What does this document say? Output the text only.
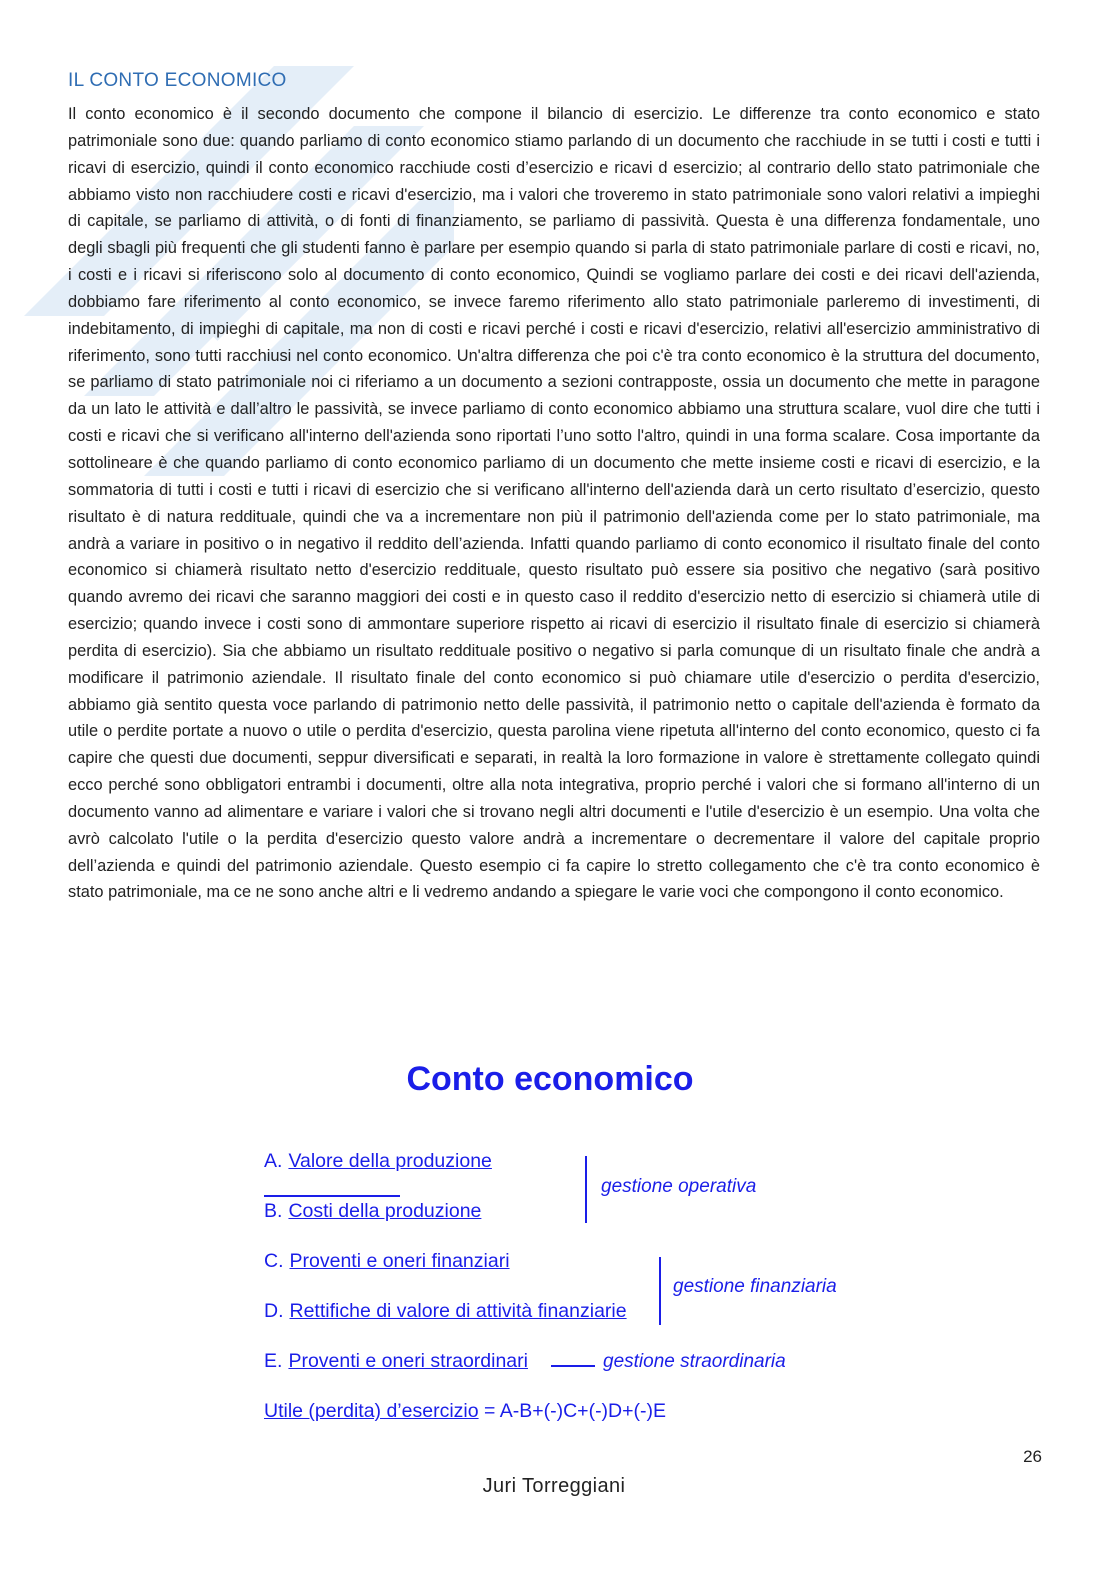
IL CONTO ECONOMICO
Il conto economico è il secondo documento che compone il bilancio di esercizio. Le differenze tra conto economico e stato patrimoniale sono due: quando parliamo di conto economico stiamo parlando di un documento che racchiude in se tutti i costi e tutti i ricavi di esercizio, quindi il conto economico racchiude costi d’esercizio e ricavi d esercizio; al contrario dello stato patrimoniale che abbiamo visto non racchiudere costi e ricavi d'esercizio, ma i valori che troveremo in stato patrimoniale sono valori relativi a impieghi di capitale, se parliamo di attività, o di fonti di finanziamento, se parliamo di passività. Questa è una differenza fondamentale, uno degli sbagli più frequenti che gli studenti fanno è parlare per esempio quando si parla di stato patrimoniale parlare di costi e ricavi, no, i costi e i ricavi si riferiscono solo al documento di conto economico, Quindi se vogliamo parlare dei costi e dei ricavi dell'azienda, dobbiamo fare riferimento al conto economico, se invece faremo riferimento allo stato patrimoniale parleremo di investimenti, di indebitamento, di impieghi di capitale, ma non di costi e ricavi perché i costi e ricavi d'esercizio, relativi all'esercizio amministrativo di riferimento, sono tutti racchiusi nel conto economico. Un'altra differenza che poi c'è tra conto economico è la struttura del documento, se parliamo di stato patrimoniale noi ci riferiamo a un documento a sezioni contrapposte, ossia un documento che mette in paragone da un lato le attività e dall’altro le passività, se invece parliamo di conto economico abbiamo una struttura scalare, vuol dire che tutti i costi e ricavi che si verificano all'interno dell'azienda sono riportati l’uno sotto l'altro, quindi in una forma scalare. Cosa importante da sottolineare è che quando parliamo di conto economico parliamo di un documento che mette insieme costi e ricavi di esercizio, e la sommatoria di tutti i costi e tutti i ricavi di esercizio che si verificano all'interno dell'azienda darà un certo risultato d’esercizio, questo risultato è di natura reddituale, quindi che va a incrementare non più il patrimonio dell'azienda come per lo stato patrimoniale, ma andrà a variare in positivo o in negativo il reddito dell’azienda. Infatti quando parliamo di conto economico il risultato finale del conto economico si chiamerà risultato netto d'esercizio reddituale, questo risultato può essere sia positivo che negativo (sarà positivo quando avremo dei ricavi che saranno maggiori dei costi e in questo caso il reddito d'esercizio netto di esercizio si chiamerà utile di esercizio; quando invece i costi sono di ammontare superiore rispetto ai ricavi di esercizio il risultato finale di esercizio si chiamerà perdita di esercizio). Sia che abbiamo un risultato reddituale positivo o negativo si parla comunque di un risultato finale che andrà a modificare il patrimonio aziendale. Il risultato finale del conto economico si può chiamare utile d'esercizio o perdita d'esercizio, abbiamo già sentito questa voce parlando di patrimonio netto delle passività, il patrimonio netto o capitale dell'azienda è formato da utile o perdite portate a nuovo o utile o perdita d'esercizio, questa parolina viene ripetuta all'interno del conto economico, questo ci fa capire che questi due documenti, seppur diversificati e separati, in realtà la loro formazione in valore è strettamente collegato quindi ecco perché sono obbligatori entrambi i documenti, oltre alla nota integrativa, proprio perché i valori che si formano all'interno di un documento vanno ad alimentare e variare i valori che si trovano negli altri documenti e l'utile d'esercizio è un esempio. Una volta che avrò calcolato l'utile o la perdita d'esercizio questo valore andrà a incrementare o decrementare il valore del capitale proprio dell’azienda e quindi del patrimonio aziendale. Questo esempio ci fa capire lo stretto collegamento che c'è tra conto economico è stato patrimoniale, ma ce ne sono anche altri e li vedremo andando a spiegare le varie voci che compongono il conto economico.
Conto economico
A. Valore della produzione
B. Costi della produzione
gestione operativa
C. Proventi e oneri finanziari
D. Rettifiche di valore di attività finanziarie
gestione finanziaria
E. Proventi e oneri straordinari	gestione straordinaria
Utile (perdita) d’esercizio = A-B+(-)C+(-)D+(-)E
26
Juri Torreggiani
